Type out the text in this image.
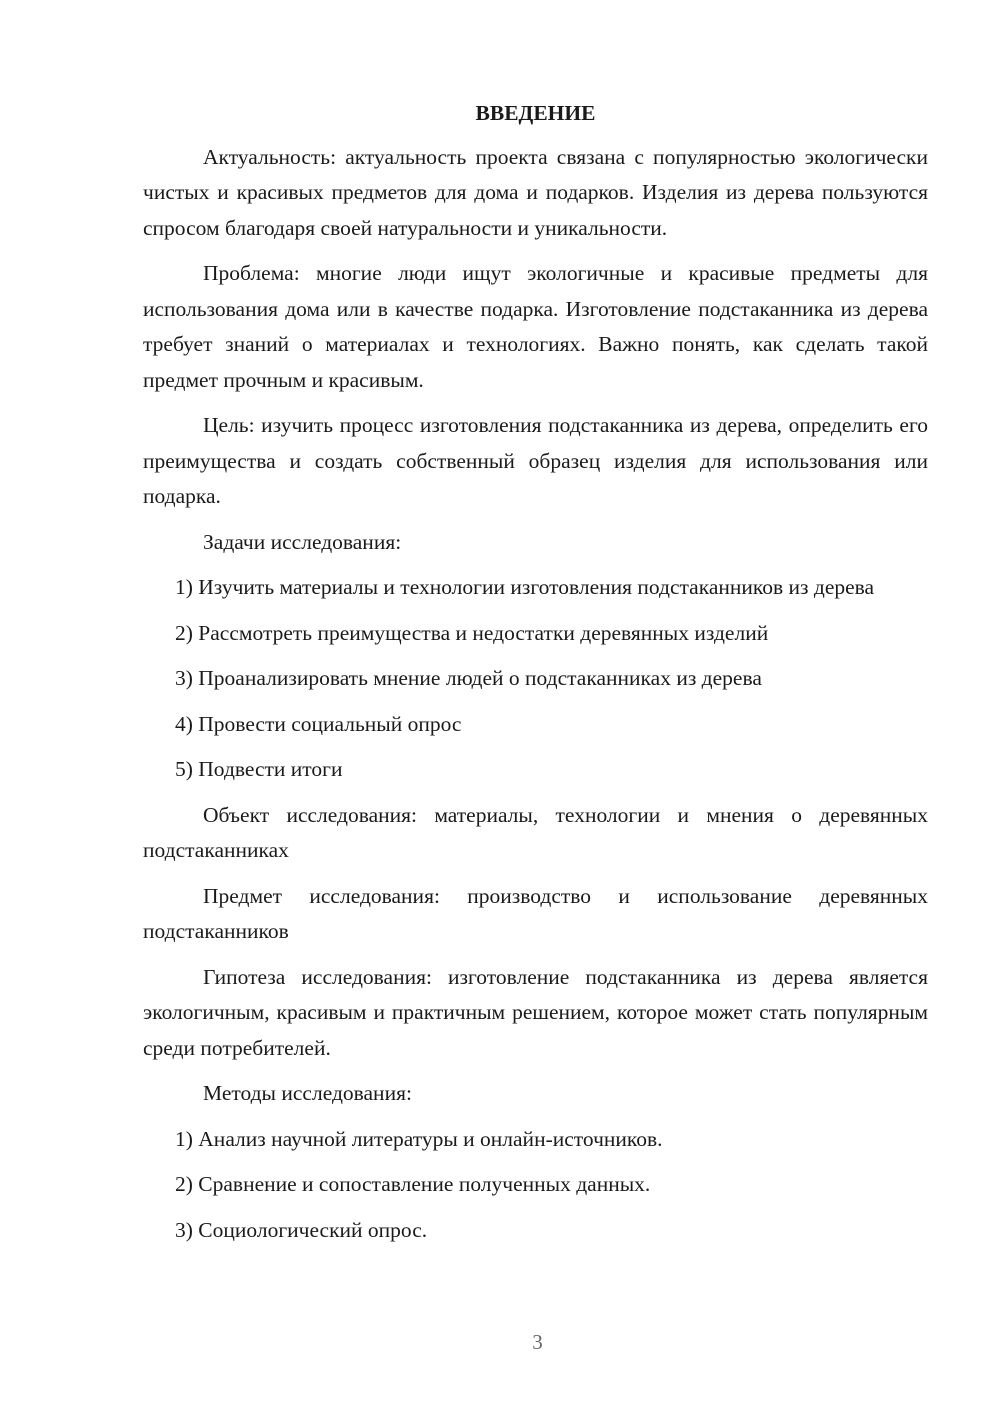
ВВЕДЕНИЕ

Актуальность: актуальность проекта связана с популярностью экологически чистых и красивых предметов для дома и подарков. Изделия из дерева пользуются спросом благодаря своей натуральности и уникальности.

Проблема: многие люди ищут экологичные и красивые предметы для использования дома или в качестве подарка. Изготовление подстаканника из дерева требует знаний о материалах и технологиях. Важно понять, как сделать такой предмет прочным и красивым.

Цель: изучить процесс изготовления подстаканника из дерева, определить его преимущества и создать собственный образец изделия для использования или подарка.

Задачи исследования:

1) Изучить материалы и технологии изготовления подстаканников из дерева

2) Рассмотреть преимущества и недостатки деревянных изделий

3) Проанализировать мнение людей о подстаканниках из дерева

4) Провести социальный опрос

5) Подвести итоги

Объект исследования: материалы, технологии и мнения о деревянных подстаканниках

Предмет исследования: производство и использование деревянных подстаканников

Гипотеза исследования: изготовление подстаканника из дерева является экологичным, красивым и практичным решением, которое может стать популярным среди потребителей.

Методы исследования:

1) Анализ научной литературы и онлайн-источников.

2) Сравнение и сопоставление полученных данных.

3) Социологический опрос.

3
